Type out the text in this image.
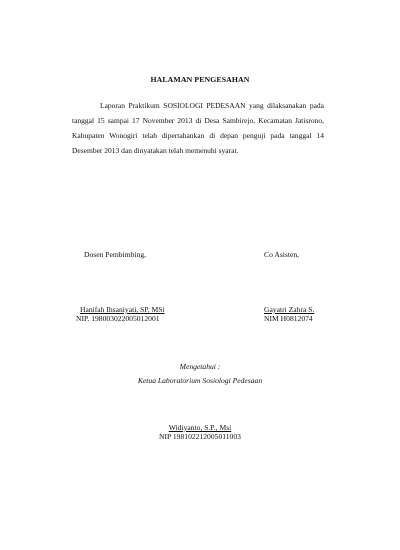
HALAMAN PENGESAHAN
Laporan Praktikum SOSIOLOGI PEDESAAN yang dilaksanakan pada tanggal 15 sampai 17 November 2013 di Desa Sambirejo, Kecamatan Jatisrono, Kabupaten Wonogiri telah dipertahankan di depan penguji pada tanggal 14 Desember 2013 dan dinyatakan telah memenuhi syarat.
Dosen Pembimbing,	Co Asisten,
Hanifah Ihsaniyati, SP, MSi
NIP. 198003022005012001
Gayatri Zahra S.
NIM H0812074
Mengetahui :
Ketua Laboratorium Sosiologi Pedesaan
Widiyanto, S.P., Msi
NIP 198102212005011003
